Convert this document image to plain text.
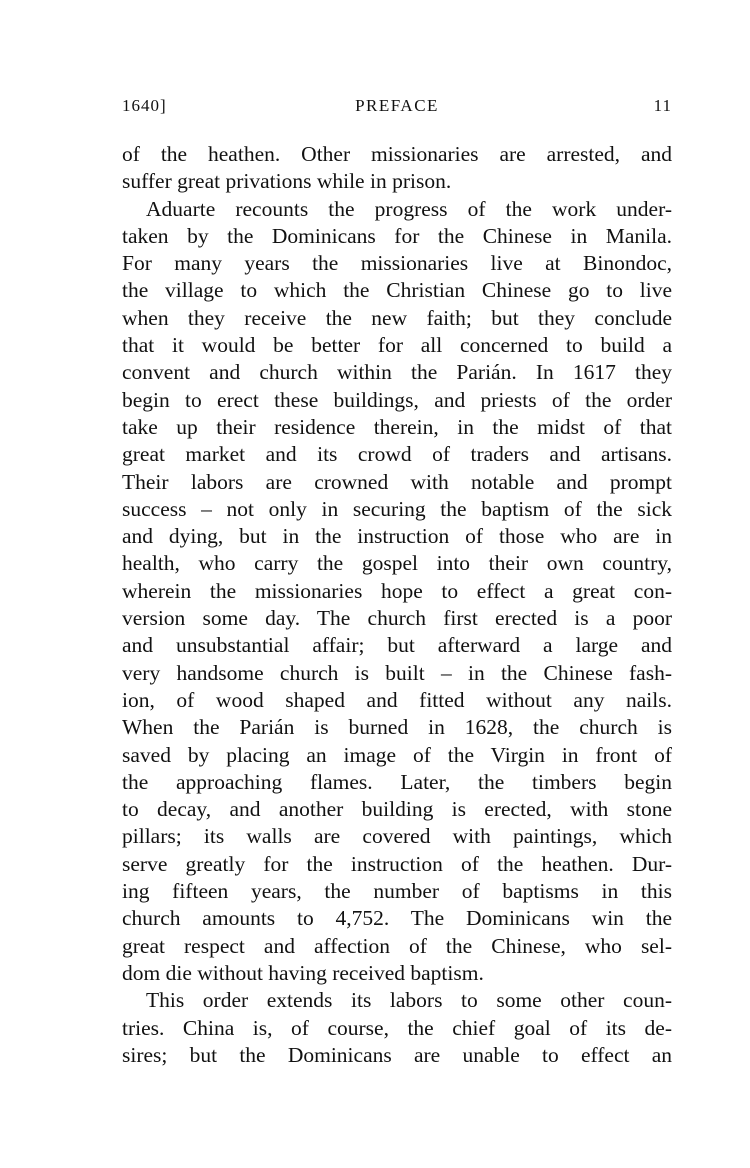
1640]	PREFACE	11
of the heathen. Other missionaries are arrested, and
suffer great privations while in prison.
Aduarte recounts the progress of the work under-
taken by the Dominicans for the Chinese in Manila.
For many years the missionaries live at Binondoc,
the village to which the Christian Chinese go to live
when they receive the new faith; but they conclude
that it would be better for all concerned to build a
convent and church within the Parián. In 1617 they
begin to erect these buildings, and priests of the order
take up their residence therein, in the midst of that
great market and its crowd of traders and artisans.
Their labors are crowned with notable and prompt
success – not only in securing the baptism of the sick
and dying, but in the instruction of those who are in
health, who carry the gospel into their own country,
wherein the missionaries hope to effect a great con-
version some day. The church first erected is a poor
and unsubstantial affair; but afterward a large and
very handsome church is built – in the Chinese fash-
ion, of wood shaped and fitted without any nails.
When the Parián is burned in 1628, the church is
saved by placing an image of the Virgin in front of
the approaching flames. Later, the timbers begin
to decay, and another building is erected, with stone
pillars; its walls are covered with paintings, which
serve greatly for the instruction of the heathen. Dur-
ing fifteen years, the number of baptisms in this
church amounts to 4,752. The Dominicans win the
great respect and affection of the Chinese, who sel-
dom die without having received baptism.
This order extends its labors to some other coun-
tries. China is, of course, the chief goal of its de-
sires; but the Dominicans are unable to effect an
